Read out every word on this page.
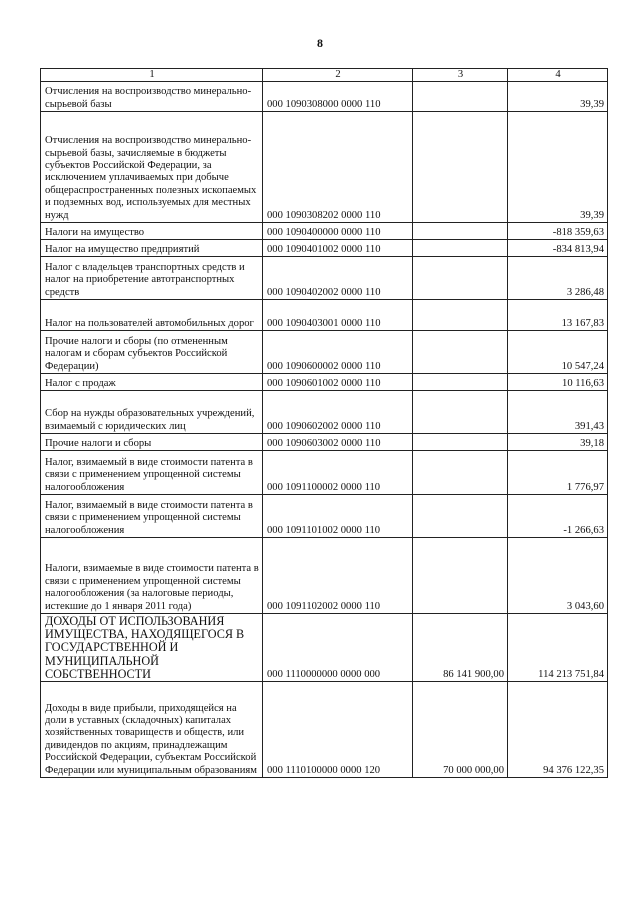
8
1	2	3	4
Отчисления на воспроизводство минерально-сырьевой базы	000 1090308000 0000 110		39,39
Отчисления на воспроизводство минерально-сырьевой базы, зачисляемые в бюджеты субъектов Российской Федерации, за исключением уплачиваемых при добыче общераспространенных полезных ископаемых и подземных вод, используемых для местных нужд	000 1090308202 0000 110		39,39
Налоги на имущество	000 1090400000 0000 110		-818 359,63
Налог на имущество предприятий	000 1090401002 0000 110		-834 813,94
Налог с владельцев транспортных средств и налог на приобретение автотранспортных средств	000 1090402002 0000 110		3 286,48
Налог на пользователей автомобильных дорог	000 1090403001 0000 110		13 167,83
Прочие налоги и сборы (по отмененным налогам и сборам субъектов Российской Федерации)	000 1090600002 0000 110		10 547,24
Налог с продаж	000 1090601002 0000 110		10 116,63
Сбор на нужды образовательных учреждений, взимаемый с юридических лиц	000 1090602002 0000 110		391,43
Прочие налоги и сборы	000 1090603002 0000 110		39,18
Налог, взимаемый в виде стоимости патента в связи с применением упрощенной системы налогообложения	000 1091100002 0000 110		1 776,97
Налог, взимаемый в виде стоимости патента в связи с применением упрощенной системы налогообложения	000 1091101002 0000 110		-1 266,63
Налоги, взимаемые в виде стоимости патента в связи с применением упрощенной системы налогообложения (за налоговые периоды, истекшие до 1 января 2011 года)	000 1091102002 0000 110		3 043,60
ДОХОДЫ ОТ ИСПОЛЬЗОВАНИЯ ИМУЩЕСТВА, НАХОДЯЩЕГОСЯ В ГОСУДАРСТВЕННОЙ И МУНИЦИПАЛЬНОЙ СОБСТВЕННОСТИ	000 1110000000 0000 000	86 141 900,00	114 213 751,84
Доходы в виде прибыли, приходящейся на доли в уставных (складочных) капиталах хозяйственных товариществ и обществ, или дивидендов по акциям, принадлежащим Российской Федерации, субъектам Российской Федерации или муниципальным образованиям	000 1110100000 0000 120	70 000 000,00	94 376 122,35
